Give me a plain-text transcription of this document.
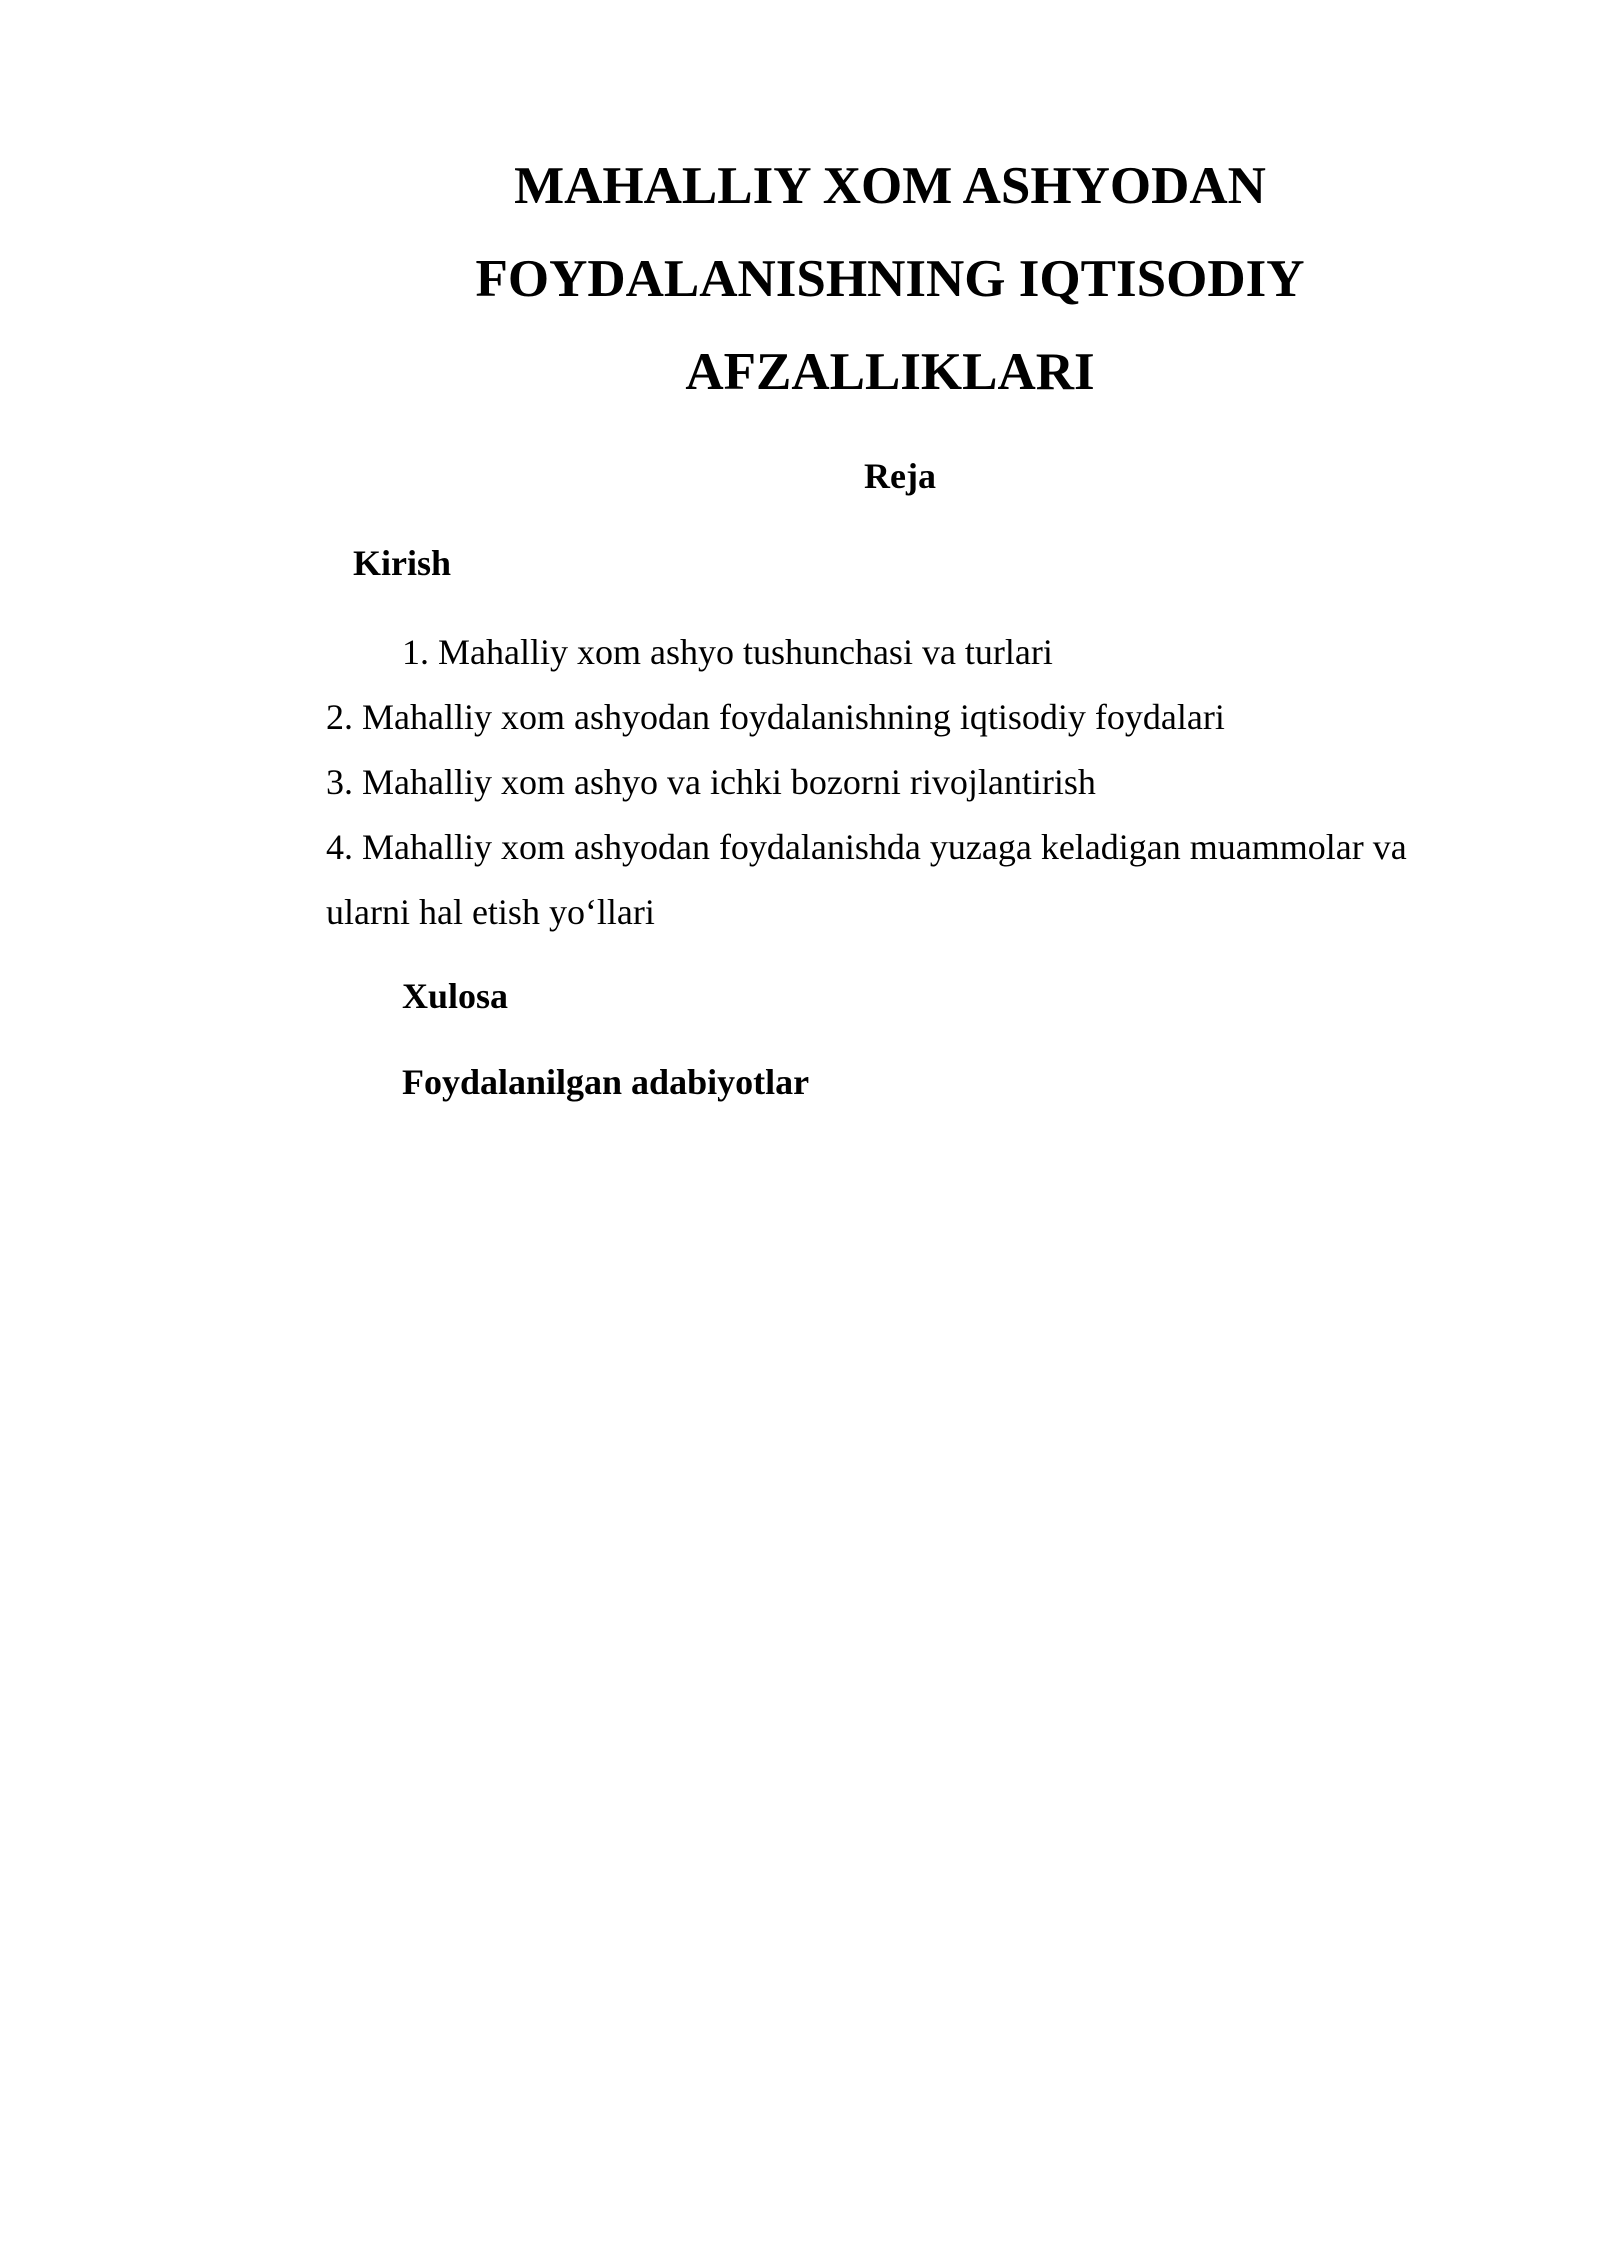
MAHALLIY XOM ASHYODAN
FOYDALANISHNING IQTISODIY
AFZALLIKLARI

Reja

Kirish

1. Mahalliy xom ashyo tushunchasi va turlari
2. Mahalliy xom ashyodan foydalanishning iqtisodiy foydalari
3. Mahalliy xom ashyo va ichki bozorni rivojlantirish
4. Mahalliy xom ashyodan foydalanishda yuzaga keladigan muammolar va ularni hal etish yo‘llari

Xulosa

Foydalanilgan adabiyotlar
